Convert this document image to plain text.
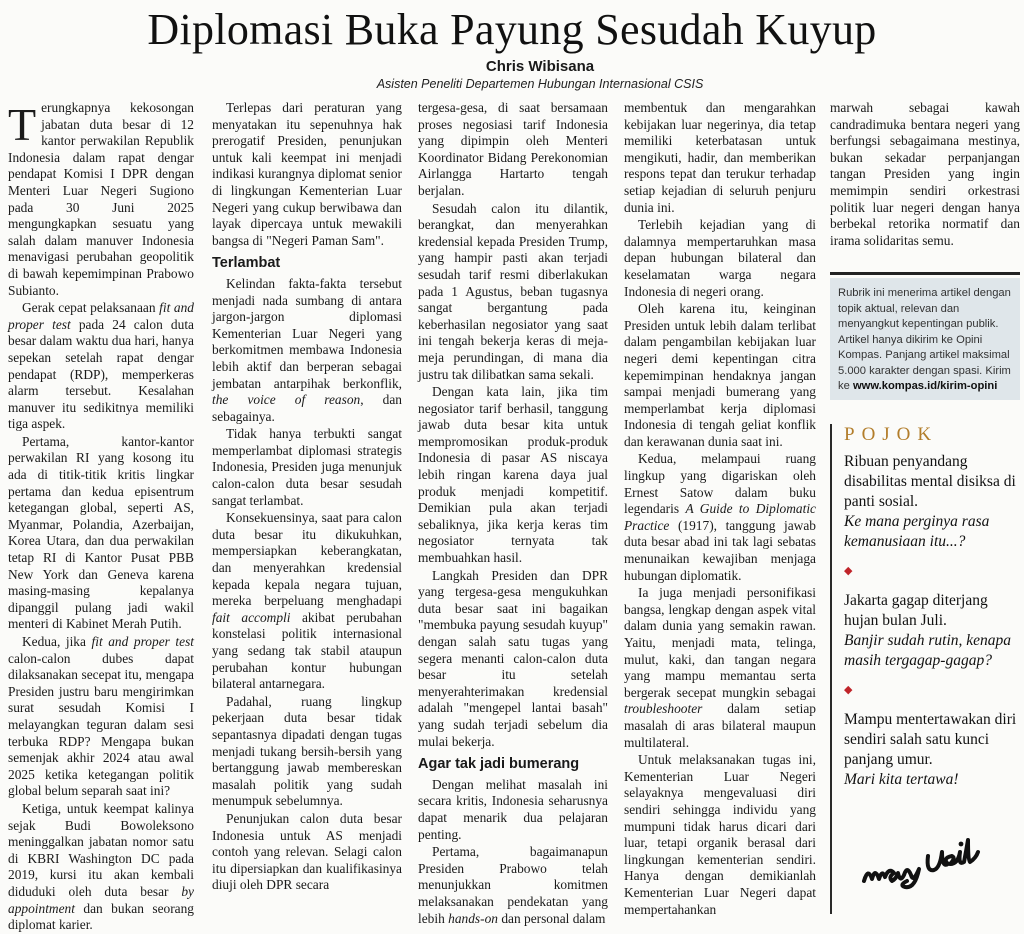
Diplomasi Buka Payung Sesudah Kuyup
Chris Wibisana
Asisten Peneliti Departemen Hubungan Internasional CSIS

Terungkapnya kekosongan jabatan duta besar di 12 kantor perwakilan Republik Indonesia dalam rapat dengar pendapat Komisi I DPR dengan Menteri Luar Negeri Sugiono pada 30 Juni 2025 mengungkapkan sesuatu yang salah dalam manuver Indonesia menavigasi perubahan geopolitik di bawah kepemimpinan Prabowo Subianto.

Gerak cepat pelaksanaan fit and proper test pada 24 calon duta besar dalam waktu dua hari, hanya sepekan setelah rapat dengar pendapat (RDP), memperkeras alarm tersebut. Kesalahan manuver itu sedikitnya memiliki tiga aspek.

Pertama, kantor-kantor perwakilan RI yang kosong itu ada di titik-titik kritis lingkar pertama dan kedua episentrum ketegangan global, seperti AS, Myanmar, Polandia, Azerbaijan, Korea Utara, dan dua perwakilan tetap RI di Kantor Pusat PBB New York dan Geneva karena masing-masing kepalanya dipanggil pulang jadi wakil menteri di Kabinet Merah Putih.

Kedua, jika fit and proper test calon-calon dubes dapat dilaksanakan secepat itu, mengapa Presiden justru baru mengirimkan surat sesudah Komisi I melayangkan teguran dalam sesi terbuka RDP? Mengapa bukan semenjak akhir 2024 atau awal 2025 ketika ketegangan politik global belum separah saat ini?

Ketiga, untuk keempat kalinya sejak Budi Bowoleksono meninggalkan jabatan nomor satu di KBRI Washington DC pada 2019, kursi itu akan kembali diduduki oleh duta besar by appointment dan bukan seorang diplomat karier.

Terlepas dari peraturan yang menyatakan itu sepenuhnya hak prerogatif Presiden, penunjukan untuk kali keempat ini menjadi indikasi kurangnya diplomat senior di lingkungan Kementerian Luar Negeri yang cukup berwibawa dan layak dipercaya untuk mewakili bangsa di "Negeri Paman Sam".

Terlambat

Kelindan fakta-fakta tersebut menjadi nada sumbang di antara jargon-jargon diplomasi Kementerian Luar Negeri yang berkomitmen membawa Indonesia lebih aktif dan berperan sebagai jembatan antarpihak berkonflik, the voice of reason, dan sebagainya.

Tidak hanya terbukti sangat memperlambat diplomasi strategis Indonesia, Presiden juga menunjuk calon-calon duta besar sesudah sangat terlambat.

Konsekuensinya, saat para calon duta besar itu dikukuhkan, mempersiapkan keberangkatan, dan menyerahkan kredensial kepada kepala negara tujuan, mereka berpeluang menghadapi fait accompli akibat perubahan konstelasi politik internasional yang sedang tak stabil ataupun perubahan kontur hubungan bilateral antarnegara.

Padahal, ruang lingkup pekerjaan duta besar tidak sepantasnya dipadati dengan tugas menjadi tukang bersih-bersih yang bertanggung jawab membereskan masalah politik yang sudah menumpuk sebelumnya.

Penunjukan calon duta besar Indonesia untuk AS menjadi contoh yang relevan. Selagi calon itu dipersiapkan dan kualifikasinya diuji oleh DPR secara

tergesa-gesa, di saat bersamaan proses negosiasi tarif Indonesia yang dipimpin oleh Menteri Koordinator Bidang Perekonomian Airlangga Hartarto tengah berjalan.

Sesudah calon itu dilantik, berangkat, dan menyerahkan kredensial kepada Presiden Trump, yang hampir pasti akan terjadi sesudah tarif resmi diberlakukan pada 1 Agustus, beban tugasnya sangat bergantung pada keberhasilan negosiator yang saat ini tengah bekerja keras di meja-meja perundingan, di mana dia justru tak dilibatkan sama sekali.

Dengan kata lain, jika tim negosiator tarif berhasil, tanggung jawab duta besar kita untuk mempromosikan produk-produk Indonesia di pasar AS niscaya lebih ringan karena daya jual produk menjadi kompetitif. Demikian pula akan terjadi sebaliknya, jika kerja keras tim negosiator ternyata tak membuahkan hasil.

Langkah Presiden dan DPR yang tergesa-gesa mengukuhkan duta besar saat ini bagaikan "membuka payung sesudah kuyup" dengan salah satu tugas yang segera menanti calon-calon duta besar itu setelah menyerahterimakan kredensial adalah "mengepel lantai basah" yang sudah terjadi sebelum dia mulai bekerja.

Agar tak jadi bumerang

Dengan melihat masalah ini secara kritis, Indonesia seharusnya dapat menarik dua pelajaran penting.

Pertama, bagaimanapun Presiden Prabowo telah menunjukkan komitmen melaksanakan pendekatan yang lebih hands-on dan personal dalam

membentuk dan mengarahkan kebijakan luar negerinya, dia tetap memiliki keterbatasan untuk mengikuti, hadir, dan memberikan respons tepat dan terukur terhadap setiap kejadian di seluruh penjuru dunia ini.

Terlebih kejadian yang di dalamnya mempertaruhkan masa depan hubungan bilateral dan keselamatan warga negara Indonesia di negeri orang.

Oleh karena itu, keinginan Presiden untuk lebih dalam terlibat dalam pengambilan kebijakan luar negeri demi kepentingan citra kepemimpinan hendaknya jangan sampai menjadi bumerang yang memperlambat kerja diplomasi Indonesia di tengah geliat konflik dan kerawanan dunia saat ini.

Kedua, melampaui ruang lingkup yang digariskan oleh Ernest Satow dalam buku legendaris A Guide to Diplomatic Practice (1917), tanggung jawab duta besar abad ini tak lagi sebatas menunaikan kewajiban menjaga hubungan diplomatik.

Ia juga menjadi personifikasi bangsa, lengkap dengan aspek vital dalam dunia yang semakin rawan. Yaitu, menjadi mata, telinga, mulut, kaki, dan tangan negara yang mampu memantau serta bergerak secepat mungkin sebagai troubleshooter dalam setiap masalah di aras bilateral maupun multilateral.

Untuk melaksanakan tugas ini, Kementerian Luar Negeri selayaknya mengevaluasi diri sendiri sehingga individu yang mumpuni tidak harus dicari dari luar, tetapi organik berasal dari lingkungan kementerian sendiri. Hanya dengan demikianlah Kementerian Luar Negeri dapat mempertahankan

marwah sebagai kawah candradimuka bentara negeri yang berfungsi sebagaimana mestinya, bukan sekadar perpanjangan tangan Presiden yang ingin memimpin sendiri orkestrasi politik luar negeri dengan hanya berbekal retorika normatif dan irama solidaritas semu.

Rubrik ini menerima artikel dengan topik aktual, relevan dan menyangkut kepentingan publik. Artikel hanya dikirim ke Opini Kompas. Panjang artikel maksimal 5.000 karakter dengan spasi. Kirim ke www.kompas.id/kirim-opini
POJOK
Ribuan penyandang disabilitas mental disiksa di panti sosial.
Ke mana perginya rasa kemanusiaan itu...?
◆
Jakarta gagap diterjang hujan bulan Juli.
Banjir sudah rutin, kenapa masih tergagap-gagap?
◆
Mampu mentertawakan diri sendiri salah satu kunci panjang umur.
Mari kita tertawa!
